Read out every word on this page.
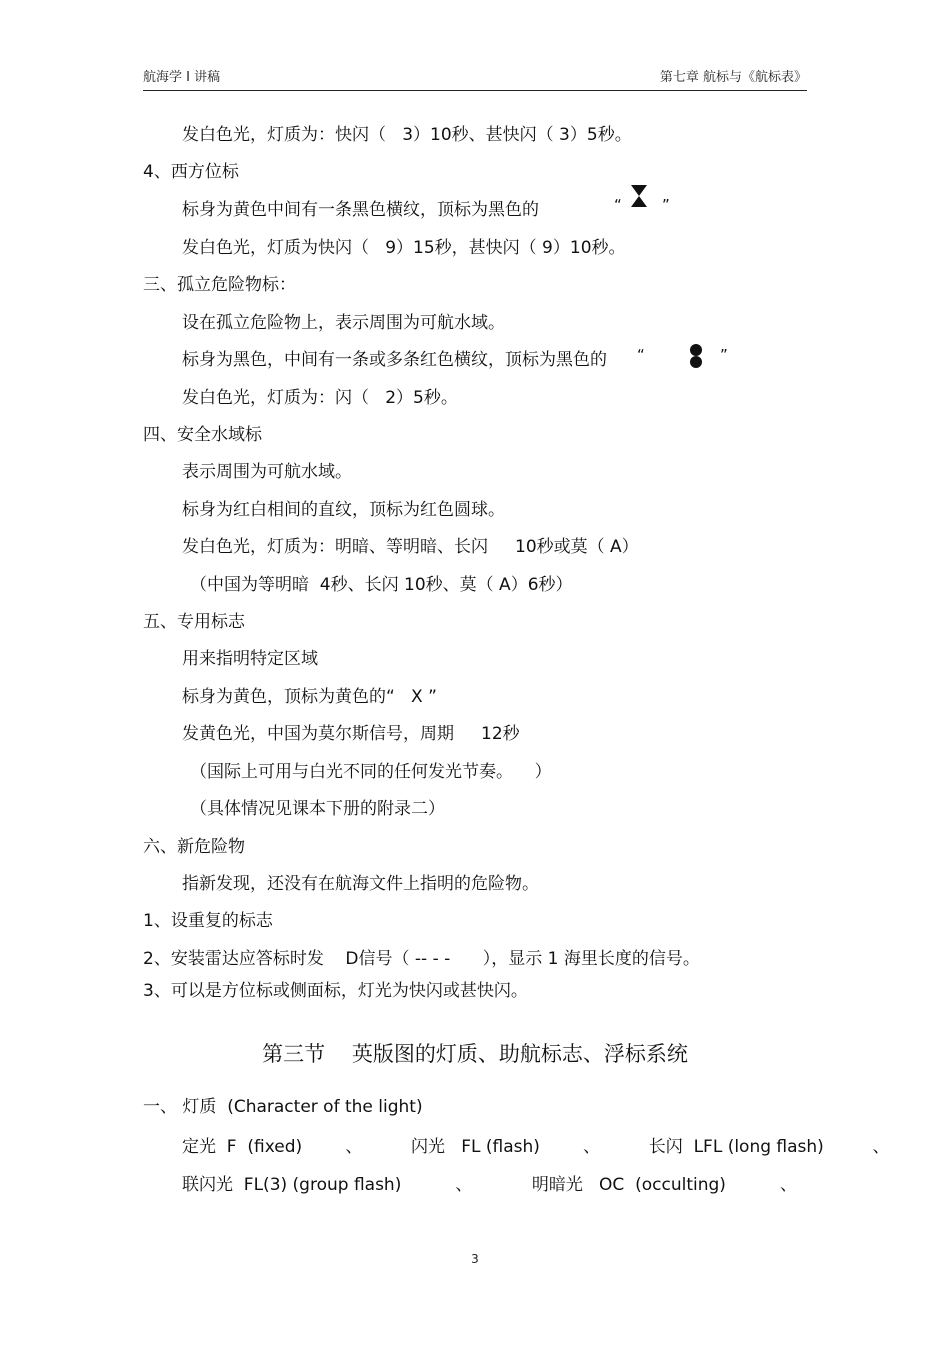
航海学 I 讲稿	第七章 航标与《航标表》
发白色光，灯质为：快闪（   3）10秒、甚快闪（ 3）5秒。
4、西方位标
标身为黄色中间有一条黑色横纹，顶标为黑色的	“	”
发白色光，灯质为快闪（   9）15秒，甚快闪（ 9）10秒。
三、孤立危险物标：
设在孤立危险物上，表示周围为可航水域。
标身为黑色，中间有一条或多条红色横纹，顶标为黑色的 “	”
发白色光，灯质为：闪（   2）5秒。
四、安全水域标
表示周围为可航水域。
标身为红白相间的直纹，顶标为红色圆球。
发白色光，灯质为：明暗、等明暗、长闪     10秒或莫（ A）
（中国为等明暗  4秒、长闪 10秒、莫（ A）6秒）
五、专用标志
用来指明特定区域
标身为黄色，顶标为黄色的“   X ”
发黄色光，中国为莫尔斯信号，周期     12秒
（国际上可用与白光不同的任何发光节奏。    ）
（具体情况见课本下册的附录二）
六、新危险物
指新发现，还没有在航海文件上指明的危险物。
1、设重复的标志
2、安装雷达应答标时发    D信号（ -- - -      ），显示 1 海里长度的信号。
3、可以是方位标或侧面标，灯光为快闪或甚快闪。
第三节    英版图的灯质、助航标志、浮标系统
一、 灯质  (Character of the light)
定光  F  (fixed)        、         闪光   FL (flash)        、         长闪  LFL (long flash)         、
联闪光  FL(3) (group flash)          、           明暗光   OC  (occulting)          、
3
